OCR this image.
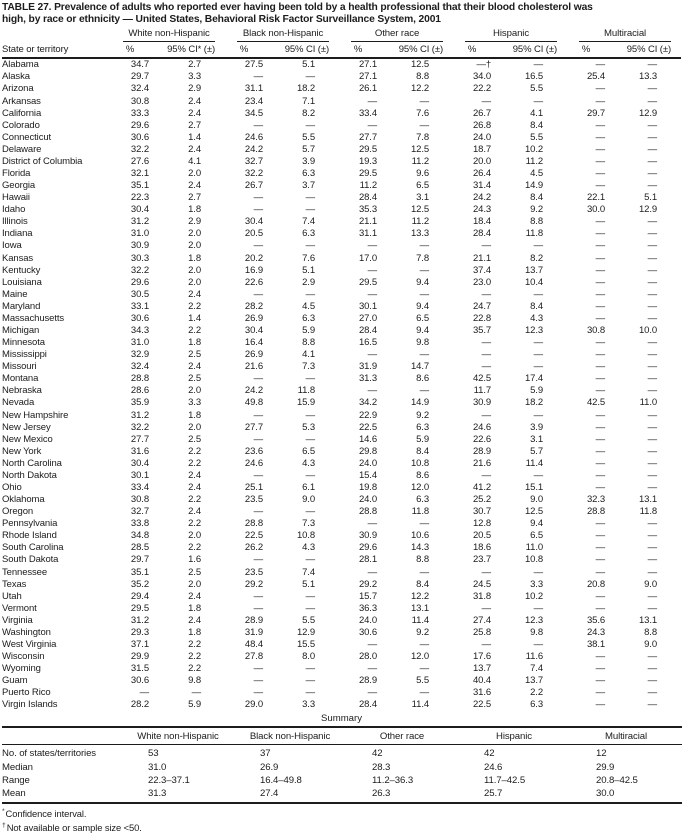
TABLE 27. Prevalence of adults who reported ever having been told by a health professional that their blood cholesterol was
high, by race or ethnicity — United States, Behavioral Risk Factor Surveillance System, 2001

	White non-Hispanic		Black non-Hispanic		Other race		Hispanic		Multiracial	

State or territory	%	95% CI* (±)	%	95% CI (±)	%	95% CI (±)	%	95% CI (±)	%	95% CI (±)
Alabama	34.7	2.7	27.5	5.1	27.1	12.5	—†	—	—	—
Alaska	29.7	3.3	—	—	27.1	8.8	34.0	16.5	25.4	13.3
Arizona	32.4	2.9	31.1	18.2	26.1	12.2	22.2	5.5	—	—
Arkansas	30.8	2.4	23.4	7.1	—	—	—	—	—	—
California	33.3	2.4	34.5	8.2	33.4	7.6	26.7	4.1	29.7	12.9
Colorado	29.6	2.7	—	—	—	—	26.8	8.4	—	—
Connecticut	30.6	1.4	24.6	5.5	27.7	7.8	24.0	5.5	—	—
Delaware	32.2	2.4	24.2	5.7	29.5	12.5	18.7	10.2	—	—
District of Columbia	27.6	4.1	32.7	3.9	19.3	11.2	20.0	11.2	—	—
Florida	32.1	2.0	32.2	6.3	29.5	9.6	26.4	4.5	—	—
Georgia	35.1	2.4	26.7	3.7	11.2	6.5	31.4	14.9	—	—
Hawaii	22.3	2.7	—	—	28.4	3.1	24.2	8.4	22.1	5.1
Idaho	30.4	1.8	—	—	35.3	12.5	24.3	9.2	30.0	12.9
Illinois	31.2	2.9	30.4	7.4	21.1	11.2	18.4	8.8	—	—
Indiana	31.0	2.0	20.5	6.3	31.1	13.3	28.4	11.8	—	—
Iowa	30.9	2.0	—	—	—	—	—	—	—	—
Kansas	30.3	1.8	20.2	7.6	17.0	7.8	21.1	8.2	—	—
Kentucky	32.2	2.0	16.9	5.1	—	—	37.4	13.7	—	—
Louisiana	29.6	2.0	22.6	2.9	29.5	9.4	23.0	10.4	—	—
Maine	30.5	2.4	—	—	—	—	—	—	—	—
Maryland	33.1	2.2	28.2	4.5	30.1	9.4	24.7	8.4	—	—
Massachusetts	30.6	1.4	26.9	6.3	27.0	6.5	22.8	4.3	—	—
Michigan	34.3	2.2	30.4	5.9	28.4	9.4	35.7	12.3	30.8	10.0
Minnesota	31.0	1.8	16.4	8.8	16.5	9.8	—	—	—	—
Mississippi	32.9	2.5	26.9	4.1	—	—	—	—	—	—
Missouri	32.4	2.4	21.6	7.3	31.9	14.7	—	—	—	—
Montana	28.8	2.5	—	—	31.3	8.6	42.5	17.4	—	—
Nebraska	28.6	2.0	24.2	11.8	—	—	11.7	5.9	—	—
Nevada	35.9	3.3	49.8	15.9	34.2	14.9	30.9	18.2	42.5	11.0
New Hampshire	31.2	1.8	—	—	22.9	9.2	—	—	—	—
New Jersey	32.2	2.0	27.7	5.3	22.5	6.3	24.6	3.9	—	—
New Mexico	27.7	2.5	—	—	14.6	5.9	22.6	3.1	—	—
New York	31.6	2.2	23.6	6.5	29.8	8.4	28.9	5.7	—	—
North Carolina	30.4	2.2	24.6	4.3	24.0	10.8	21.6	11.4	—	—
North Dakota	30.1	2.4	—	—	15.4	8.6	—	—	—	—
Ohio	33.4	2.4	25.1	6.1	19.8	12.0	41.2	15.1	—	—
Oklahoma	30.8	2.2	23.5	9.0	24.0	6.3	25.2	9.0	32.3	13.1
Oregon	32.7	2.4	—	—	28.8	11.8	30.7	12.5	28.8	11.8
Pennsylvania	33.8	2.2	28.8	7.3	—	—	12.8	9.4	—	—
Rhode Island	34.8	2.0	22.5	10.8	30.9	10.6	20.5	6.5	—	—
South Carolina	28.5	2.2	26.2	4.3	29.6	14.3	18.6	11.0	—	—
South Dakota	29.7	1.6	—	—	28.1	8.8	23.7	10.8	—	—
Tennessee	35.1	2.5	23.5	7.4	—	—	—	—	—	—
Texas	35.2	2.0	29.2	5.1	29.2	8.4	24.5	3.3	20.8	9.0
Utah	29.4	2.4	—	—	15.7	12.2	31.8	10.2	—	—
Vermont	29.5	1.8	—	—	36.3	13.1	—	—	—	—
Virginia	31.2	2.4	28.9	5.5	24.0	11.4	27.4	12.3	35.6	13.1
Washington	29.3	1.8	31.9	12.9	30.6	9.2	25.8	9.8	24.3	8.8
West Virginia	37.1	2.2	48.4	15.5	—	—	—	—	38.1	9.0
Wisconsin	29.9	2.2	27.8	8.0	28.0	12.0	17.6	11.6	—	—
Wyoming	31.5	2.2	—	—	—	—	13.7	7.4	—	—
Guam	30.6	9.8	—	—	28.9	5.5	40.4	13.7	—	—
Puerto Rico	—	—	—	—	—	—	31.6	2.2	—	—
Virgin Islands	28.2	5.9	29.0	3.3	28.4	11.4	22.5	6.3	—	—
Summary
	White non-Hispanic	Black non-Hispanic	Other race	Hispanic	Multiracial
No. of states/territories	53	37	42	42	12
Median	31.0	26.9	28.3	24.6	29.9
Range	22.3–37.1	16.4–49.8	11.2–36.3	11.7–42.5	20.8–42.5
Mean	31.3	27.4	26.3	25.7	30.0
*Confidence interval.
†Not available or sample size <50.
